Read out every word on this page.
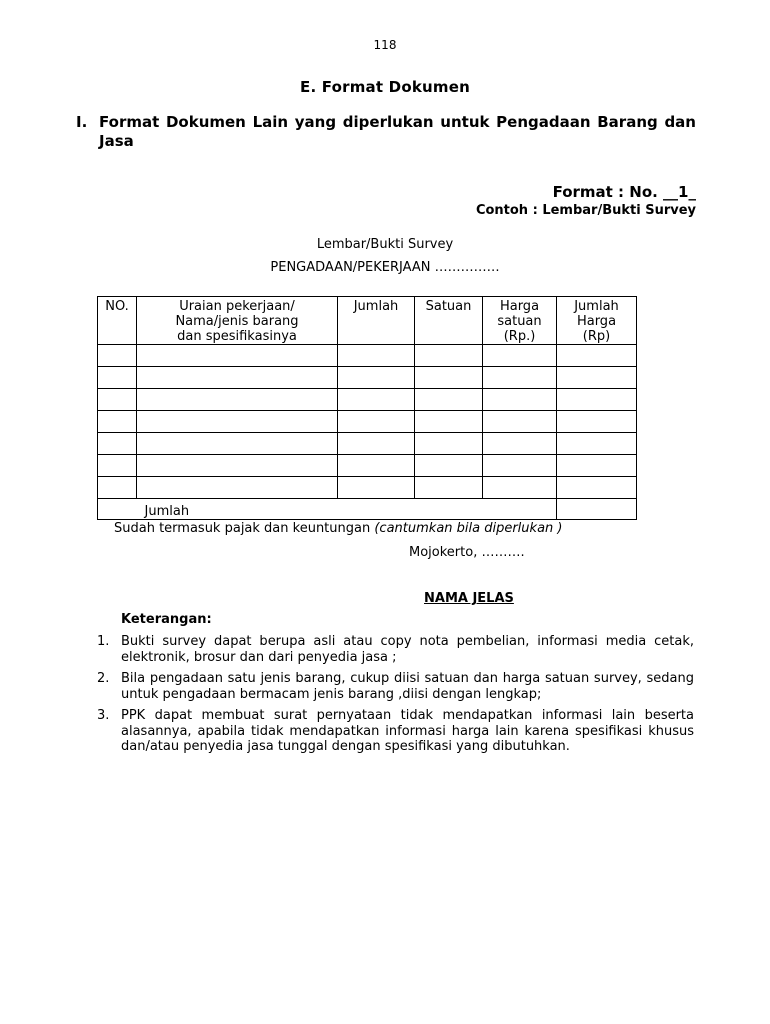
118
E. Format Dokumen
I. Format Dokumen Lain yang diperlukan untuk Pengadaan Barang dan Jasa
Format : No. __1_
Contoh : Lembar/Bukti Survey
Lembar/Bukti Survey
PENGADAAN/PEKERJAAN ……………
NO.	Uraian pekerjaan/ Nama/jenis barang dan spesifikasinya	Jumlah	Satuan	Harga satuan (Rp.)	Jumlah Harga (Rp)

	Jumlah				
Sudah termasuk pajak dan keuntungan (cantumkan bila diperlukan )
Mojokerto, ……….
NAMA JELAS
Keterangan:
1. Bukti survey dapat berupa asli atau copy nota pembelian, informasi media cetak, elektronik, brosur dan dari penyedia jasa ;
2. Bila pengadaan satu jenis barang, cukup diisi satuan dan harga satuan survey, sedang untuk pengadaan bermacam jenis barang ,diisi dengan lengkap;
3. PPK dapat membuat surat pernyataan tidak mendapatkan informasi lain beserta alasannya, apabila tidak mendapatkan informasi harga lain karena spesifikasi khusus dan/atau penyedia jasa tunggal dengan spesifikasi yang dibutuhkan.
